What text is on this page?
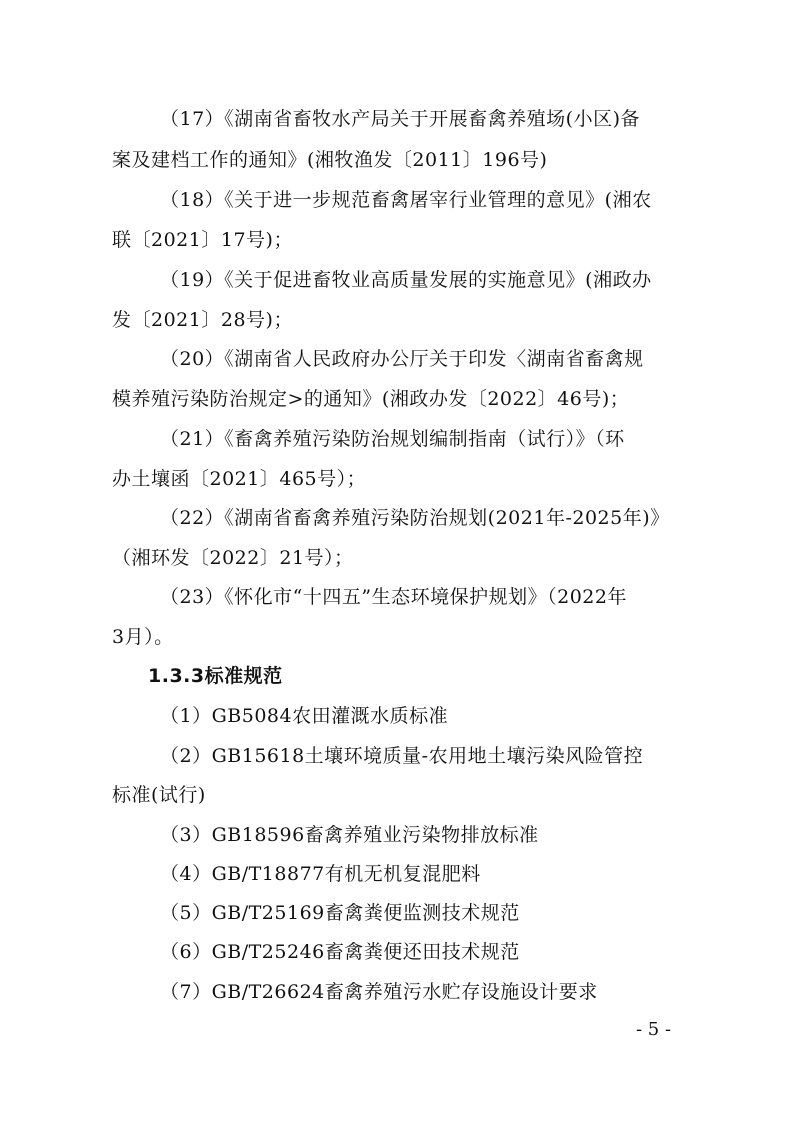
（17）《湖南省畜牧水产局关于开展畜禽养殖场(小区)备
案及建档工作的通知》(湘牧渔发〔2011〕196号)
（18）《关于进一步规范畜禽屠宰行业管理的意见》(湘农
联〔2021〕17号)；
（19）《关于促进畜牧业高质量发展的实施意见》(湘政办
发〔2021〕28号)；
（20）《湖南省人民政府办公厅关于印发〈湖南省畜禽规
模养殖污染防治规定>的通知》(湘政办发〔2022〕46号)；
（21）《畜禽养殖污染防治规划编制指南（试行）》（环
办土壤函〔2021〕465号）；
（22）《湖南省畜禽养殖污染防治规划(2021年-2025年)》
（湘环发〔2022〕21号）；
（23）《怀化市“十四五”生态环境保护规划》（2022年
3月）。
1.3.3标准规范
（1）GB5084农田灌溉水质标准
（2）GB15618土壤环境质量-农用地土壤污染风险管控
标准(试行)
（3）GB18596畜禽养殖业污染物排放标准
（4）GB/T18877有机无机复混肥料
（5）GB/T25169畜禽粪便监测技术规范
（6）GB/T25246畜禽粪便还田技术规范
（7）GB/T26624畜禽养殖污水贮存设施设计要求
- 5 -
